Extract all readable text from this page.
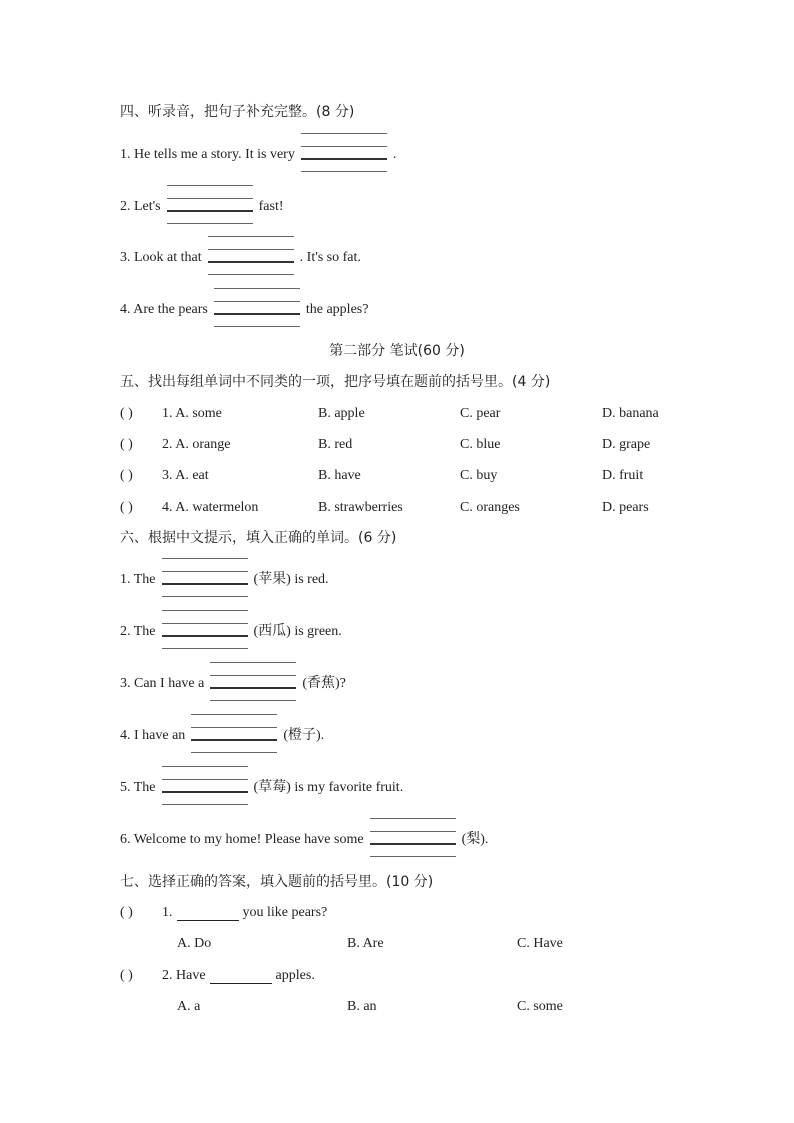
四、听录音，把句子补充完整。(8 分)
1. He tells me a story. It is very	.
2. Let's	fast!
3. Look at that	. It's so fat.
4. Are the pears	the apples?
第二部分 笔试(60 分)
五、找出每组单词中不同类的一项，把序号填在题前的括号里。(4 分)
( ) 1. A. some	B. apple	C. pear	D. banana
( ) 2. A. orange	B. red	C. blue	D. grape
( ) 3. A. eat	B. have	C. buy	D. fruit
( ) 4. A. watermelon	B. strawberries	C. oranges	D. pears
六、根据中文提示，填入正确的单词。(6 分)
1. The	(苹果) is red.
2. The	(西瓜) is green.
3. Can I have a	(香蕉)?
4. I have an	(橙子).
5. The	(草莓) is my favorite fruit.
6. Welcome to my home! Please have some	(梨).
七、选择正确的答案，填入题前的括号里。(10 分)
( ) 1.	you like pears?
A. Do	B. Are	C. Have
( ) 2. Have	apples.
A. a	B. an	C. some
